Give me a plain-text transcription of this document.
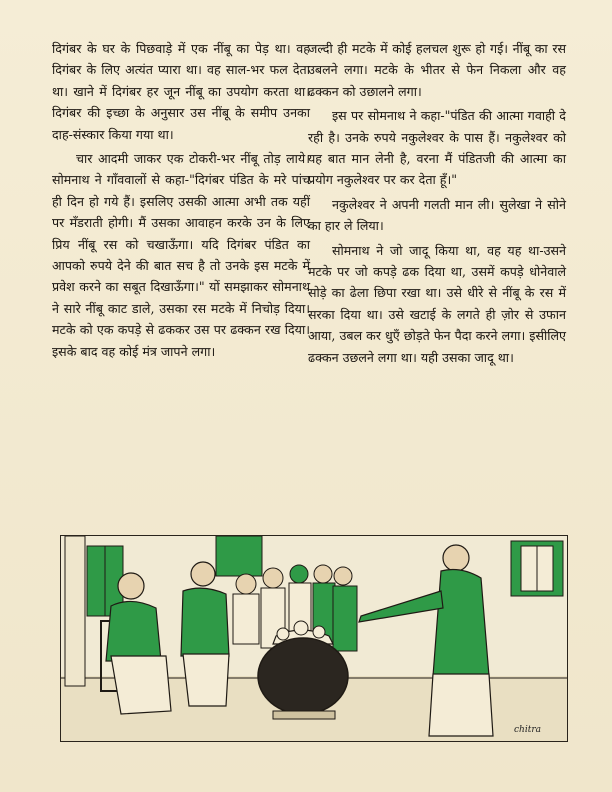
दिगंबर के घर के पिछवाड़े में एक नींबू का पेड़ था। वह दिगंबर के लिए अत्यंत प्यारा था। वह साल-भर फल देता था। खाने में दिगंबर हर जून नींबू का उपयोग करता था। दिगंबर की इच्छा के अनुसार उस नींबू के समीप उनका दाह-संस्कार किया गया था।

चार आदमी जाकर एक टोकरी-भर नींबू तोड़ लाये। सोमनाथ ने गाँववालों से कहा-"दिगंबर पंडित के मरे पांच ही दिन हो गये हैं। इसलिए उसकी आत्मा अभी तक यहीं पर मँडराती होगी। मैं उसका आवाहन करके उन के लिए प्रिय नींबू रस को चखाऊँगा। यदि दिगंबर पंडित का आपको रुपये देने की बात सच है तो उनके इस मटके में प्रवेश करने का सबूत दिखाऊँगा।" यों समझाकर सोमनाथ ने सारे नींबू काट डाले, उसका रस मटके में निचोड़ दिया। मटके को एक कपड़े से ढककर उस पर ढक्कन रख दिया। इसके बाद वह कोई मंत्र जापने लगा।

जल्दी ही मटके में कोई हलचल शुरू हो गई। नींबू का रस उबलने लगा। मटके के भीतर से फेन निकला और वह ढक्कन को उछालने लगा।

इस पर सोमनाथ ने कहा-"पंडित की आत्मा गवाही दे रही है। उनके रुपये नकुलेश्वर के पास हैं। नकुलेश्वर को यह बात मान लेनी है, वरना मैं पंडितजी की आत्मा का प्रयोग नकुलेश्वर पर कर देता हूँ।"

नकुलेश्वर ने अपनी गलती मान ली। सुलेखा ने सोने का हार ले लिया।

सोमनाथ ने जो जादू किया था, वह यह था-उसने मटके पर जो कपड़े ढक दिया था, उसमें कपड़े धोनेवाले सोड़े का ढेला छिपा रखा था। उसे धीरे से नींबू के रस में सरका दिया था। उसे खटाई के लगते ही ज़ोर से उफान आया, उबल कर धुएँ छोड़ते फेन पैदा करने लगा। इसीलिए ढक्कन उछलने लगा था। यही उसका जादू था।

chitra
